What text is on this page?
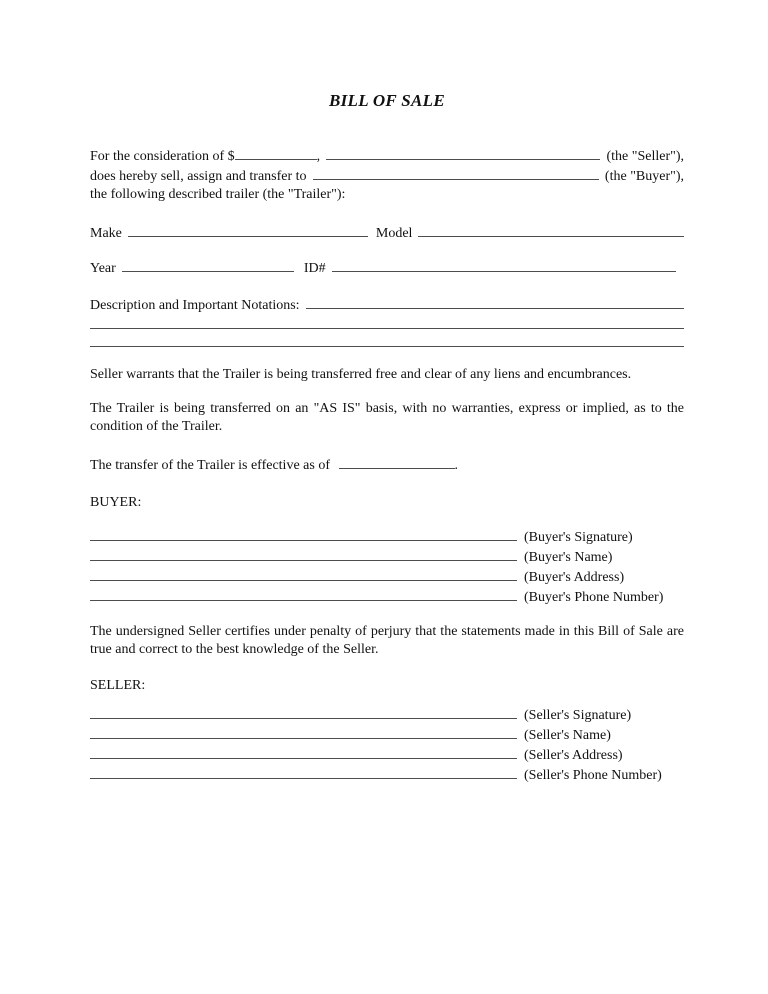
BILL OF SALE
For the consideration of $	,	(the "Seller"),
does hereby sell, assign and transfer to	(the "Buyer"),
the following described trailer (the "Trailer"):
Make	Model
Year	ID#
Description and Important Notations:
Seller warrants that the Trailer is being transferred free and clear of any liens and encumbrances.
The Trailer is being transferred on an "AS IS" basis, with no warranties, express or implied, as to the condition of the Trailer.
The transfer of the Trailer is effective as of	.
BUYER:
(Buyer's Signature)
(Buyer's Name)
(Buyer's Address)
(Buyer's Phone Number)
The undersigned Seller certifies under penalty of perjury that the statements made in this Bill of Sale are true and correct to the best knowledge of the Seller.
SELLER:
(Seller's Signature)
(Seller's Name)
(Seller's Address)
(Seller's Phone Number)
